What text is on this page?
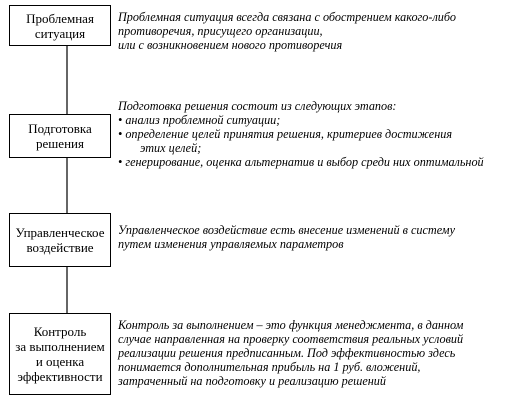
Проблемная
ситуация
Проблемная ситуация всегда связана с обострением какого-либо
противоречия, присущего организации,
или с возникновением нового противоречия
Подготовка
решения
Подготовка решения состоит из следующих этапов:
• анализ проблемной ситуации;
• определение целей принятия решения, критериев достижения
этих целей;
• генерирование, оценка альтернатив и выбор среди них оптимальной
Управленческое
воздействие
Управленческое воздействие есть внесение изменений в систему
путем изменения управляемых параметров
Контроль
за выполнением
и оценка
эффективности
Контроль за выполнением – это функция менеджмента, в данном
случае направленная на проверку соответствия реальных условий
реализации решения предписанным. Под эффективностью здесь
понимается дополнительная прибыль на 1 руб. вложений,
затраченный на подготовку и реализацию решений
